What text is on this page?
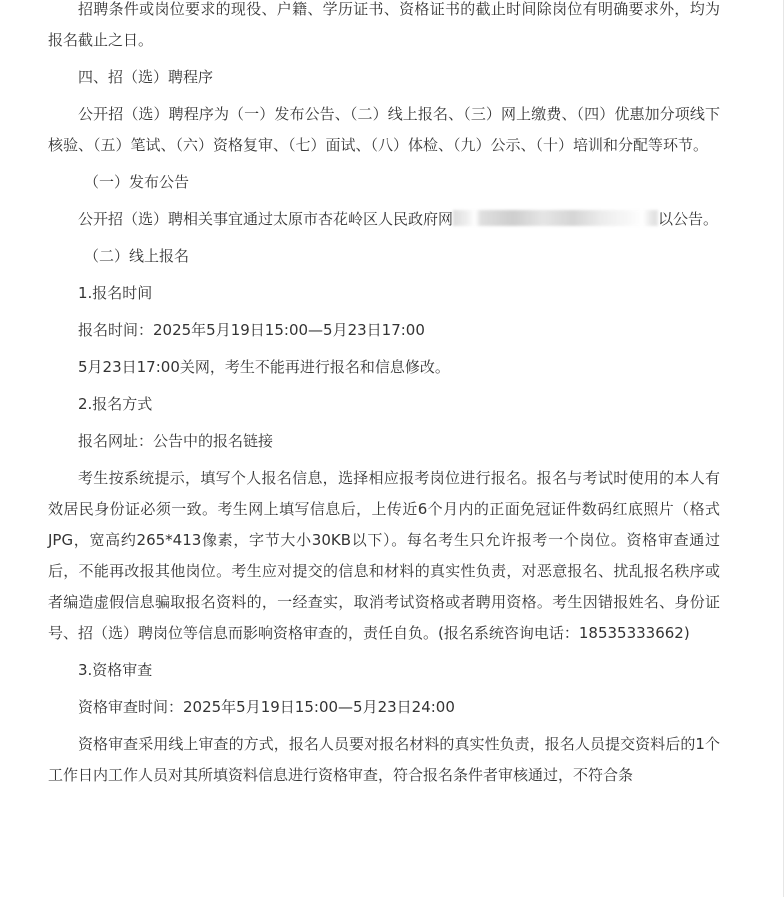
招聘条件或岗位要求的现役、户籍、学历证书、资格证书的截止时间除岗位有明确要求外，均为报名截止之日。

四、招（选）聘程序

公开招（选）聘程序为（一）发布公告、（二）线上报名、（三）网上缴费、（四）优惠加分项线下核验、（五）笔试、（六）资格复审、（七）面试、（八）体检、（九）公示、（十）培训和分配等环节。

（一）发布公告

公开招（选）聘相关事宜通过太原市杏花岭区人民政府网	以公告。

（二）线上报名

1.报名时间

报名时间：2025年5月19日15:00—5月23日17:00

5月23日17:00关网，考生不能再进行报名和信息修改。

2.报名方式

报名网址：公告中的报名链接

考生按系统提示，填写个人报名信息，选择相应报考岗位进行报名。报名与考试时使用的本人有效居民身份证必须一致。考生网上填写信息后，上传近6个月内的正面免冠证件数码红底照片（格式JPG，宽高约265*413像素，字节大小30KB以下）。每名考生只允许报考一个岗位。资格审查通过后，不能再改报其他岗位。考生应对提交的信息和材料的真实性负责，对恶意报名、扰乱报名秩序或者编造虚假信息骗取报名资料的，一经查实，取消考试资格或者聘用资格。考生因错报姓名、身份证号、招（选）聘岗位等信息而影响资格审查的，责任自负。(报名系统咨询电话：18535333662)

3.资格审查

资格审查时间：2025年5月19日15:00—5月23日24:00

资格审查采用线上审查的方式，报名人员要对报名材料的真实性负责，报名人员提交资料后的1个工作日内工作人员对其所填资料信息进行资格审查，符合报名条件者审核通过，不符合条
